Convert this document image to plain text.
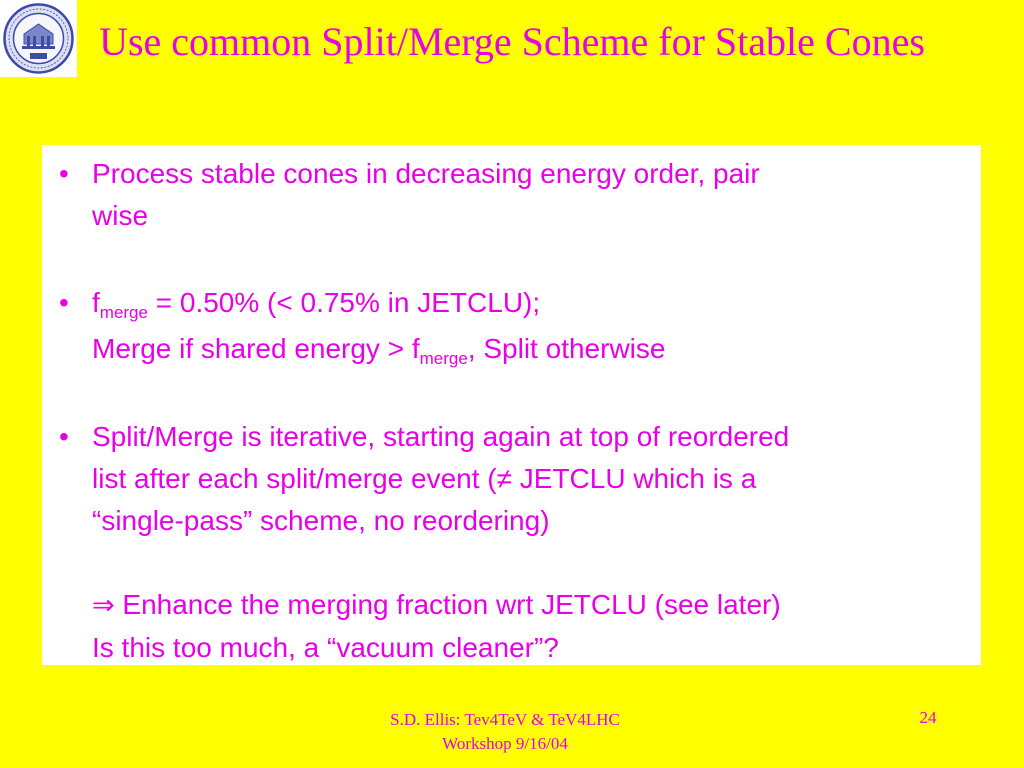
Use common Split/Merge Scheme for Stable Cones
• Process stable cones in decreasing energy order, pair
wise
• $f_{merge} = 0.50\%$ (< 0.75% in JETCLU);
Merge if shared energy > $f_{merge}$, Split otherwise
• Split/Merge is iterative, starting again at top of reordered
list after each split/merge event (≠ JETCLU which is a
“single-pass” scheme, no reordering)
⇒ Enhance the merging fraction wrt JETCLU (see later)
Is this too much, a “vacuum cleaner”?
S.D. Ellis: Tev4TeV & TeV4LHC
Workshop 9/16/04
24
